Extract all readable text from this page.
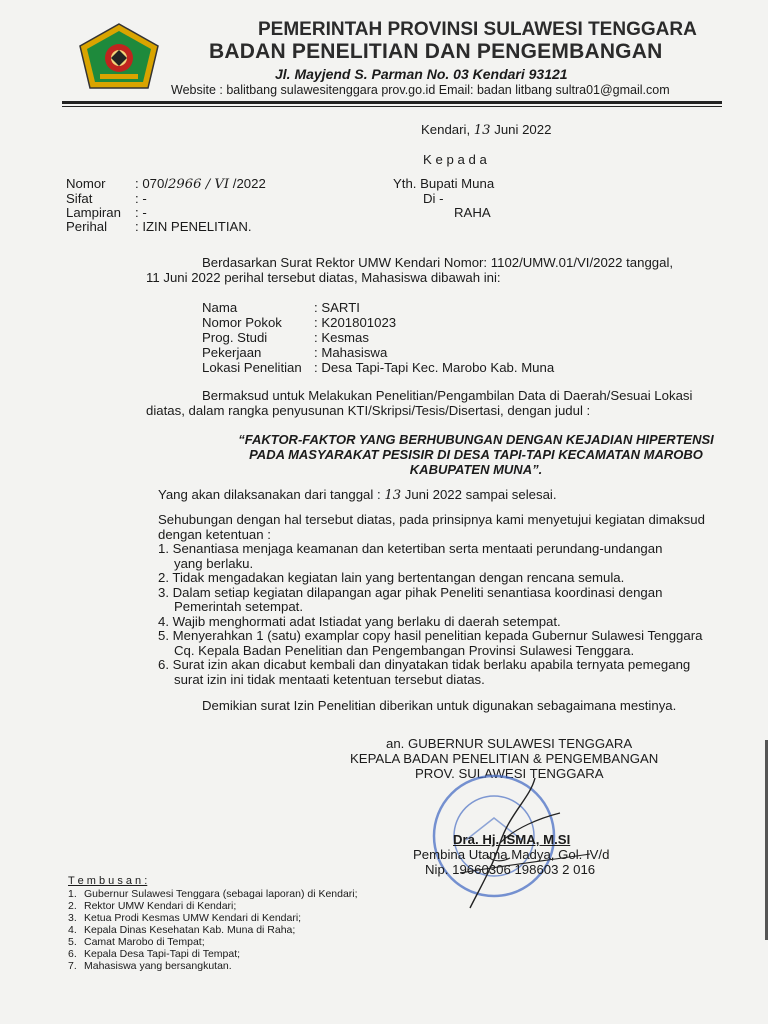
PEMERINTAH PROVINSI SULAWESI TENGGARA
BADAN PENELITIAN DAN PENGEMBANGAN
Jl. Mayjend S. Parman No. 03 Kendari 93121
Website : balitbang sulawesitenggara prov.go.id Email: badan litbang sultra01@gmail.com
Kendari, 13 Juni 2022
K e p a d a
Yth. Bupati Muna
Di -
RAHA
Nomor : 070/2966 / VI /2022
Sifat	: -
Lampiran : -
Perihal : IZIN PENELITIAN.
Berdasarkan Surat Rektor UMW Kendari Nomor: 1102/UMW.01/VI/2022 tanggal,
11 Juni 2022 perihal tersebut diatas, Mahasiswa dibawah ini:
Nama	: SARTI
Nomor Pokok : K201801023
Prog. Studi	: Kesmas
Pekerjaan	: Mahasiswa
Lokasi Penelitian : Desa Tapi-Tapi Kec. Marobo Kab. Muna
Bermaksud untuk Melakukan Penelitian/Pengambilan Data di Daerah/Sesuai Lokasi
diatas, dalam rangka penyusunan KTI/Skripsi/Tesis/Disertasi, dengan judul :
“FAKTOR-FAKTOR YANG BERHUBUNGAN DENGAN KEJADIAN HIPERTENSI
PADA MASYARAKAT PESISIR DI DESA TAPI-TAPI KECAMATAN MAROBO
KABUPATEN MUNA”.
Yang akan dilaksanakan dari tanggal : 13 Juni 2022 sampai selesai.
Sehubungan dengan hal tersebut diatas, pada prinsipnya kami menyetujui kegiatan dimaksud
dengan ketentuan :
1. Senantiasa menjaga keamanan dan ketertiban serta mentaati perundang-undangan
yang berlaku.
2. Tidak mengadakan kegiatan lain yang bertentangan dengan rencana semula.
3. Dalam setiap kegiatan dilapangan agar pihak Peneliti senantiasa koordinasi dengan
Pemerintah setempat.
4. Wajib menghormati adat Istiadat yang berlaku di daerah setempat.
5. Menyerahkan 1 (satu) examplar copy hasil penelitian kepada Gubernur Sulawesi Tenggara
Cq. Kepala Badan Penelitian dan Pengembangan Provinsi Sulawesi Tenggara.
6. Surat izin akan dicabut kembali dan dinyatakan tidak berlaku apabila ternyata pemegang
surat izin ini tidak mentaati ketentuan tersebut diatas.
Demikian surat Izin Penelitian diberikan untuk digunakan sebagaimana mestinya.
an. GUBERNUR SULAWESI TENGGARA
KEPALA BADAN PENELITIAN & PENGEMBANGAN
PROV. SULAWESI TENGGARA
Dra. Hj. ISMA, M.SI
Pembina Utama Madya, Gol. IV/d
Nip. 19660306 198603 2 016
T e m b u s a n :
1. Gubernur Sulawesi Tenggara (sebagai laporan) di Kendari;
2. Rektor UMW Kendari di Kendari;
3. Ketua Prodi Kesmas UMW Kendari di Kendari;
4. Kepala Dinas Kesehatan Kab. Muna di Raha;
5. Camat Marobo di Tempat;
6. Kepala Desa Tapi-Tapi di Tempat;
7. Mahasiswa yang bersangkutan.
